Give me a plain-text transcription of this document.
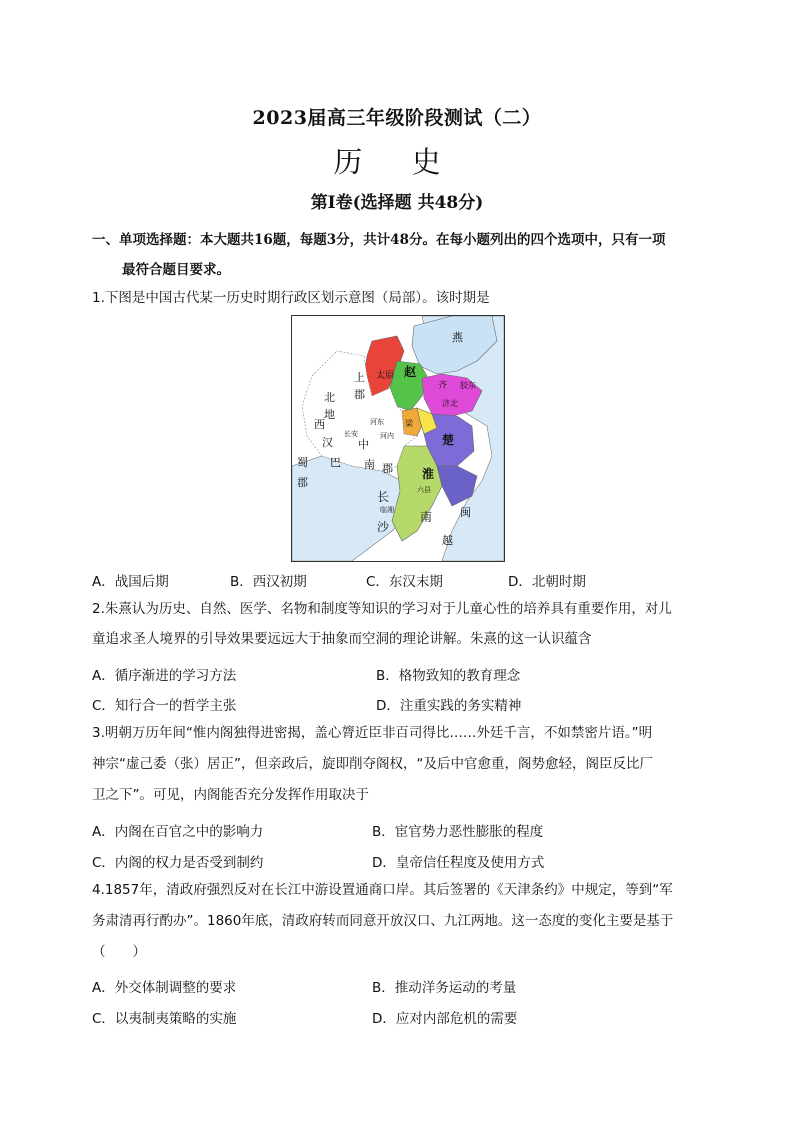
2023届高三年级阶段测试（二）
历 史
第Ⅰ卷(选择题 共48分)
一、单项选择题：本大题共16题，每题3分，共计48分。在每小题列出的四个选项中，只有一项
最符合题目要求。
1.下图是中国古代某一历史时期行政区划示意图（局部）。该时期是
燕
赵
太原
上
郡
北
地
西
汉
巴
蜀
郡
中
南 郡
长
沙
淮
南
楚
闽
越
齐
济北
胶东
梁
长安
河东
河内
临湘
六县
A．战国后期	B．西汉初期	C．东汉末期	D．北朝时期
2.朱熹认为历史、自然、医学、名物和制度等知识的学习对于儿童心性的培养具有重要作用，对儿
童追求圣人境界的引导效果要远远大于抽象而空洞的理论讲解。朱熹的这一认识蕴含
A．循序渐进的学习方法	B．格物致知的教育理念
C．知行合一的哲学主张	D．注重实践的务实精神
3.明朝万历年间“惟内阁独得进密揭，盖心膂近臣非百司得比……外廷千言，不如禁密片语。”明
神宗“虚己委（张）居正”，但亲政后，旋即削夺阁权，“及后中官愈重，阁势愈轻，阁臣反比厂
卫之下”。可见，内阁能否充分发挥作用取决于
A．内阁在百官之中的影响力	B．宦官势力恶性膨胀的程度
C．内阁的权力是否受到制约	D．皇帝信任程度及使用方式
4.1857年，清政府强烈反对在长江中游设置通商口岸。其后签署的《天津条约》中规定，等到“军
务肃清再行酌办”。1860年底，清政府转而同意开放汉口、九江两地。这一态度的变化主要是基于
（　　）
A．外交体制调整的要求	B．推动洋务运动的考量
C．以夷制夷策略的实施	D．应对内部危机的需要
